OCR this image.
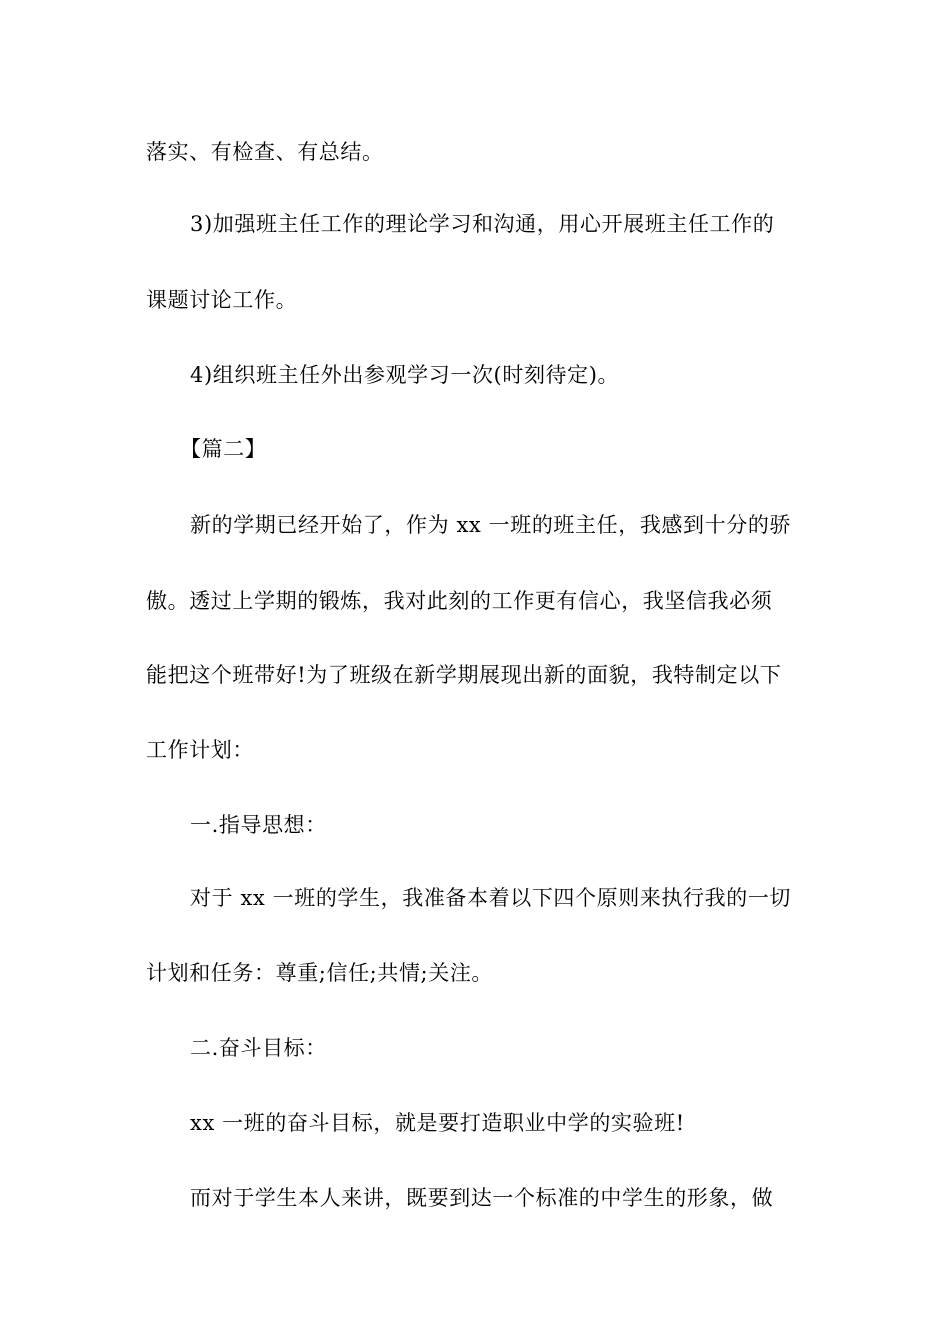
落实、有检查、有总结。
3)加强班主任工作的理论学习和沟通，用心开展班主任工作的
课题讨论工作。
4)组织班主任外出参观学习一次(时刻待定)。
【篇二】
新的学期已经开始了，作为 xx 一班的班主任，我感到十分的骄
傲。透过上学期的锻炼，我对此刻的工作更有信心，我坚信我必须
能把这个班带好!为了班级在新学期展现出新的面貌，我特制定以下
工作计划：
一.指导思想：
对于 xx 一班的学生，我准备本着以下四个原则来执行我的一切
计划和任务：尊重;信任;共情;关注。
二.奋斗目标：
xx 一班的奋斗目标，就是要打造职业中学的实验班!
而对于学生本人来讲，既要到达一个标准的中学生的形象，做
